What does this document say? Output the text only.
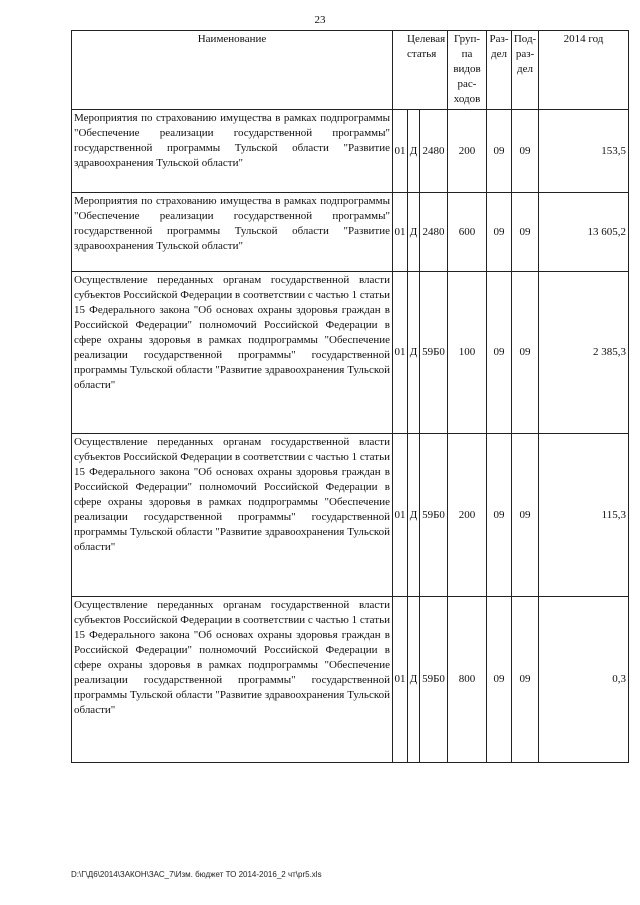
23
Наименование	Целевая статья			Груп-
па
видов
рас-
ходов	Раз-
дел	Под-
раз-
дел	2014 год
Мероприятия по страхованию имущества в рамках подпрограммы "Обеспечение реализации государственной программы" государственной программы Тульской области "Развитие здравоохранения Тульской области"	01	Д	2480	200	09	09	153,5
Мероприятия по страхованию имущества в рамках подпрограммы "Обеспечение реализации государственной программы" государственной программы Тульской области "Развитие здравоохранения Тульской области"	01	Д	2480	600	09	09	13 605,2
Осуществление переданных органам государственной власти субъектов Российской Федерации в соответствии с частью 1 статьи 15 Федерального закона "Об основах охраны здоровья граждан в Российской Федерации" полномочий Российской Федерации в сфере охраны здоровья в рамках подпрограммы "Обеспечение реализации государственной программы" государственной программы Тульской области "Развитие здравоохранения Тульской области"	01	Д	59Б0	100	09	09	2 385,3
Осуществление переданных органам государственной власти субъектов Российской Федерации в соответствии с частью 1 статьи 15 Федерального закона "Об основах охраны здоровья граждан в Российской Федерации" полномочий Российской Федерации в сфере охраны здоровья в рамках подпрограммы "Обеспечение реализации государственной программы" государственной программы Тульской области "Развитие здравоохранения Тульской области"	01	Д	59Б0	200	09	09	115,3
Осуществление переданных органам государственной власти субъектов Российской Федерации в соответствии с частью 1 статьи 15 Федерального закона "Об основах охраны здоровья граждан в Российской Федерации" полномочий Российской Федерации в сфере охраны здоровья в рамках подпрограммы "Обеспечение реализации государственной программы" государственной программы Тульской области "Развитие здравоохранения Тульской области"	01	Д	59Б0	800	09	09	0,3
D:\Г\Д6\2014\ЗАКОН\ЗАС_7\Изм. бюджет ТО 2014-2016_2 чт\pr5.xls
